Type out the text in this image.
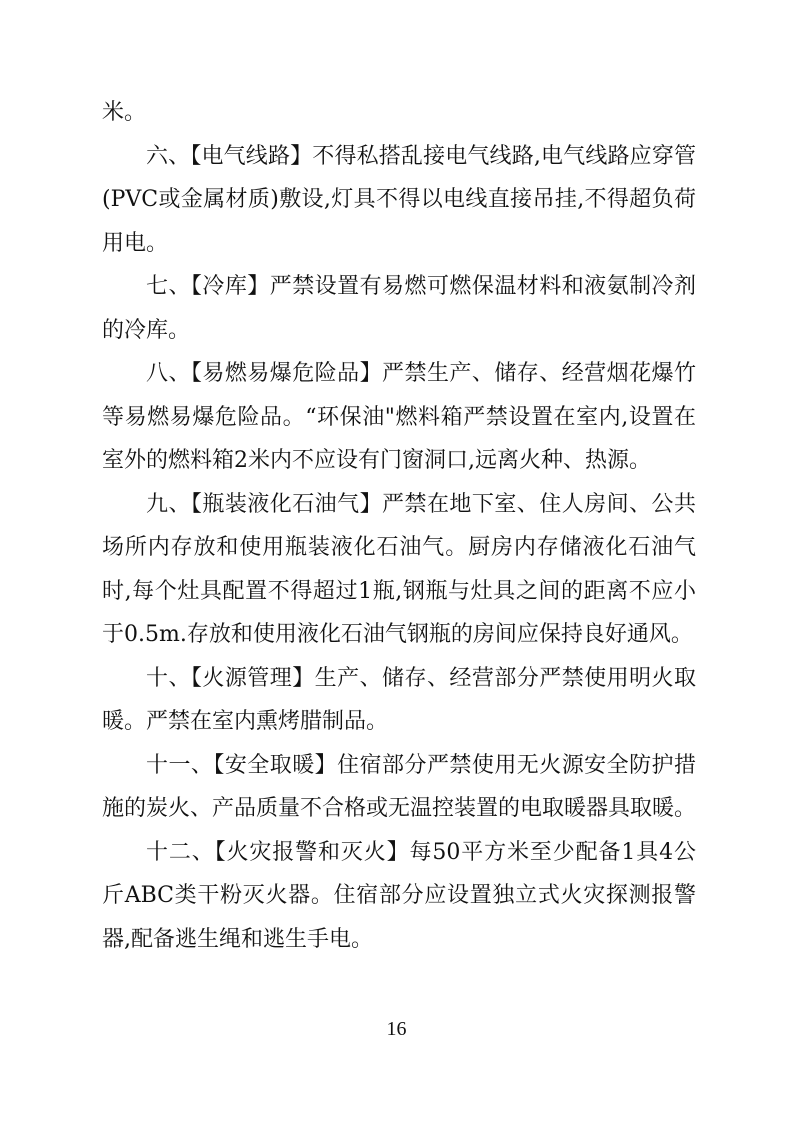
米。

六、【电气线路】不得私搭乱接电气线路,电气线路应穿管(PVC或金属材质)敷设,灯具不得以电线直接吊挂,不得超负荷用电。

七、【冷库】严禁设置有易燃可燃保温材料和液氨制冷剂的冷库。

八、【易燃易爆危险品】严禁生产、储存、经营烟花爆竹等易燃易爆危险品。“环保油"燃料箱严禁设置在室内,设置在室外的燃料箱2米内不应设有门窗洞口,远离火种、热源。

九、【瓶装液化石油气】严禁在地下室、住人房间、公共场所内存放和使用瓶装液化石油气。厨房内存储液化石油气时,每个灶具配置不得超过1瓶,钢瓶与灶具之间的距离不应小于0.5m.存放和使用液化石油气钢瓶的房间应保持良好通风。

十、【火源管理】生产、储存、经营部分严禁使用明火取暖。严禁在室内熏烤腊制品。

十一、【安全取暖】住宿部分严禁使用无火源安全防护措施的炭火、产品质量不合格或无温控装置的电取暖器具取暖。

十二、【火灾报警和灭火】每50平方米至少配备1具4公斤ABC类干粉灭火器。住宿部分应设置独立式火灾探测报警器,配备逃生绳和逃生手电。

16
